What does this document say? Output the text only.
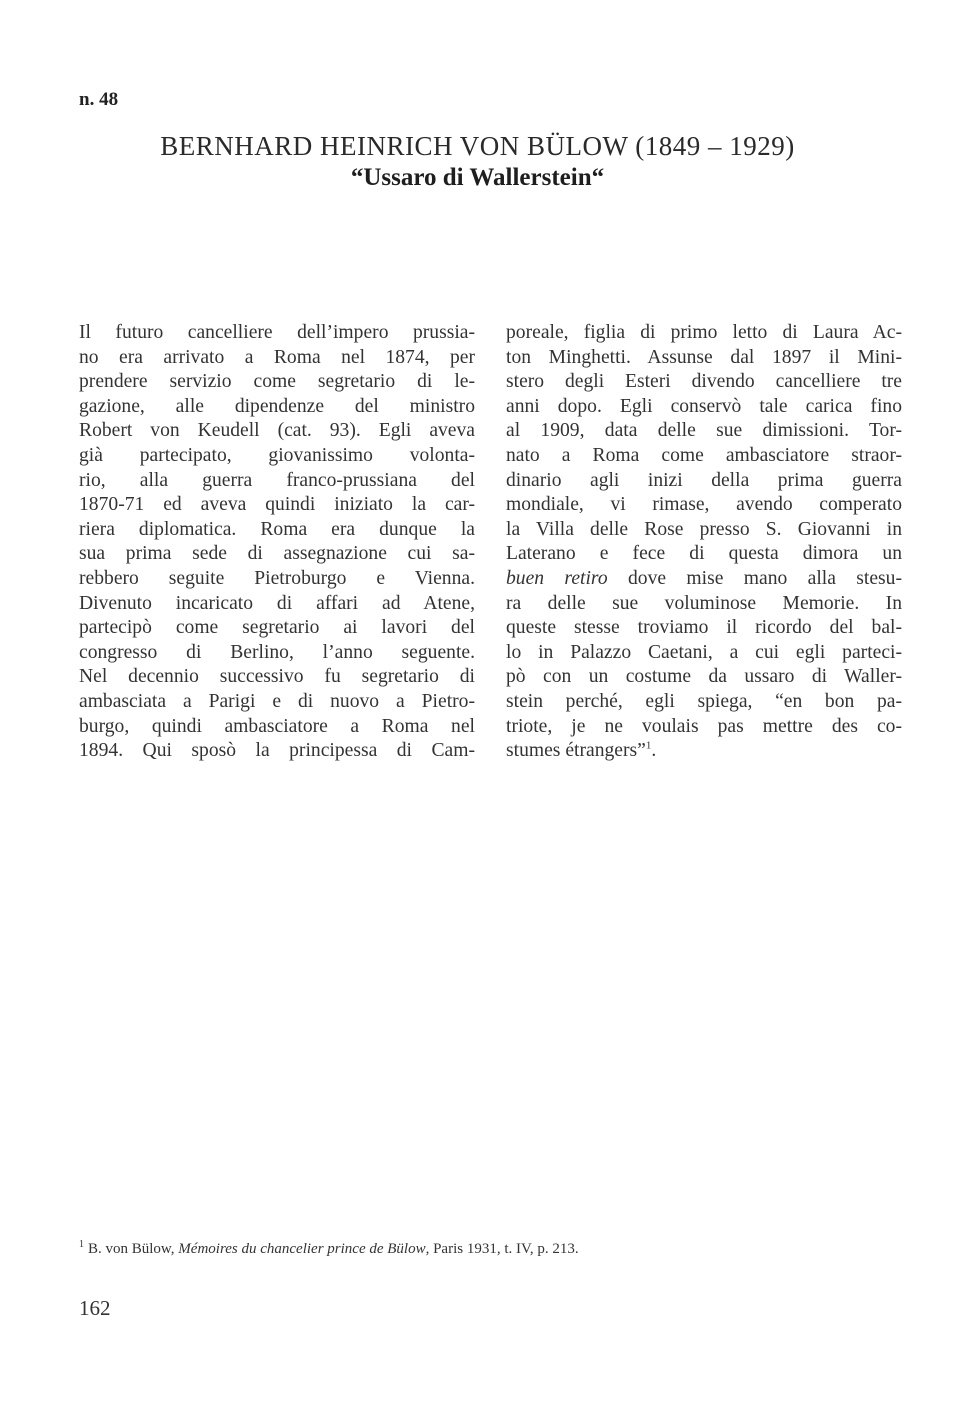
n. 48
BERNHARD HEINRICH VON BÜLOW (1849 – 1929)
“Ussaro di Wallerstein“
Il futuro cancelliere dell’impero prussia-
no era arrivato a Roma nel 1874, per
prendere servizio come segretario di le-
gazione, alle dipendenze del ministro
Robert von Keudell (cat. 93). Egli aveva
già partecipato, giovanissimo volonta-
rio, alla guerra franco-prussiana del
1870-71 ed aveva quindi iniziato la car-
riera diplomatica. Roma era dunque la
sua prima sede di assegnazione cui sa-
rebbero seguite Pietroburgo e Vienna.
Divenuto incaricato di affari ad Atene,
partecipò come segretario ai lavori del
congresso di Berlino, l’anno seguente.
Nel decennio successivo fu segretario di
ambasciata a Parigi e di nuovo a Pietro-
burgo, quindi ambasciatore a Roma nel
1894. Qui sposò la principessa di Cam-
poreale, figlia di primo letto di Laura Ac-
ton Minghetti. Assunse dal 1897 il Mini-
stero degli Esteri divendo cancelliere tre
anni dopo. Egli conservò tale carica fino
al 1909, data delle sue dimissioni. Tor-
nato a Roma come ambasciatore straor-
dinario agli inizi della prima guerra
mondiale, vi rimase, avendo comperato
la Villa delle Rose presso S. Giovanni in
Laterano e fece di questa dimora un
buen retiro dove mise mano alla stesu-
ra delle sue voluminose Memorie. In
queste stesse troviamo il ricordo del bal-
lo in Palazzo Caetani, a cui egli parteci-
pò con un costume da ussaro di Waller-
stein perché, egli spiega, “en bon pa-
triote, je ne voulais pas mettre des co-
stumes étrangers”$^1$.
$^1$ B. von Bülow, Mémoires du chancelier prince de Bülow, Paris 1931, t. IV, p. 213.
162
